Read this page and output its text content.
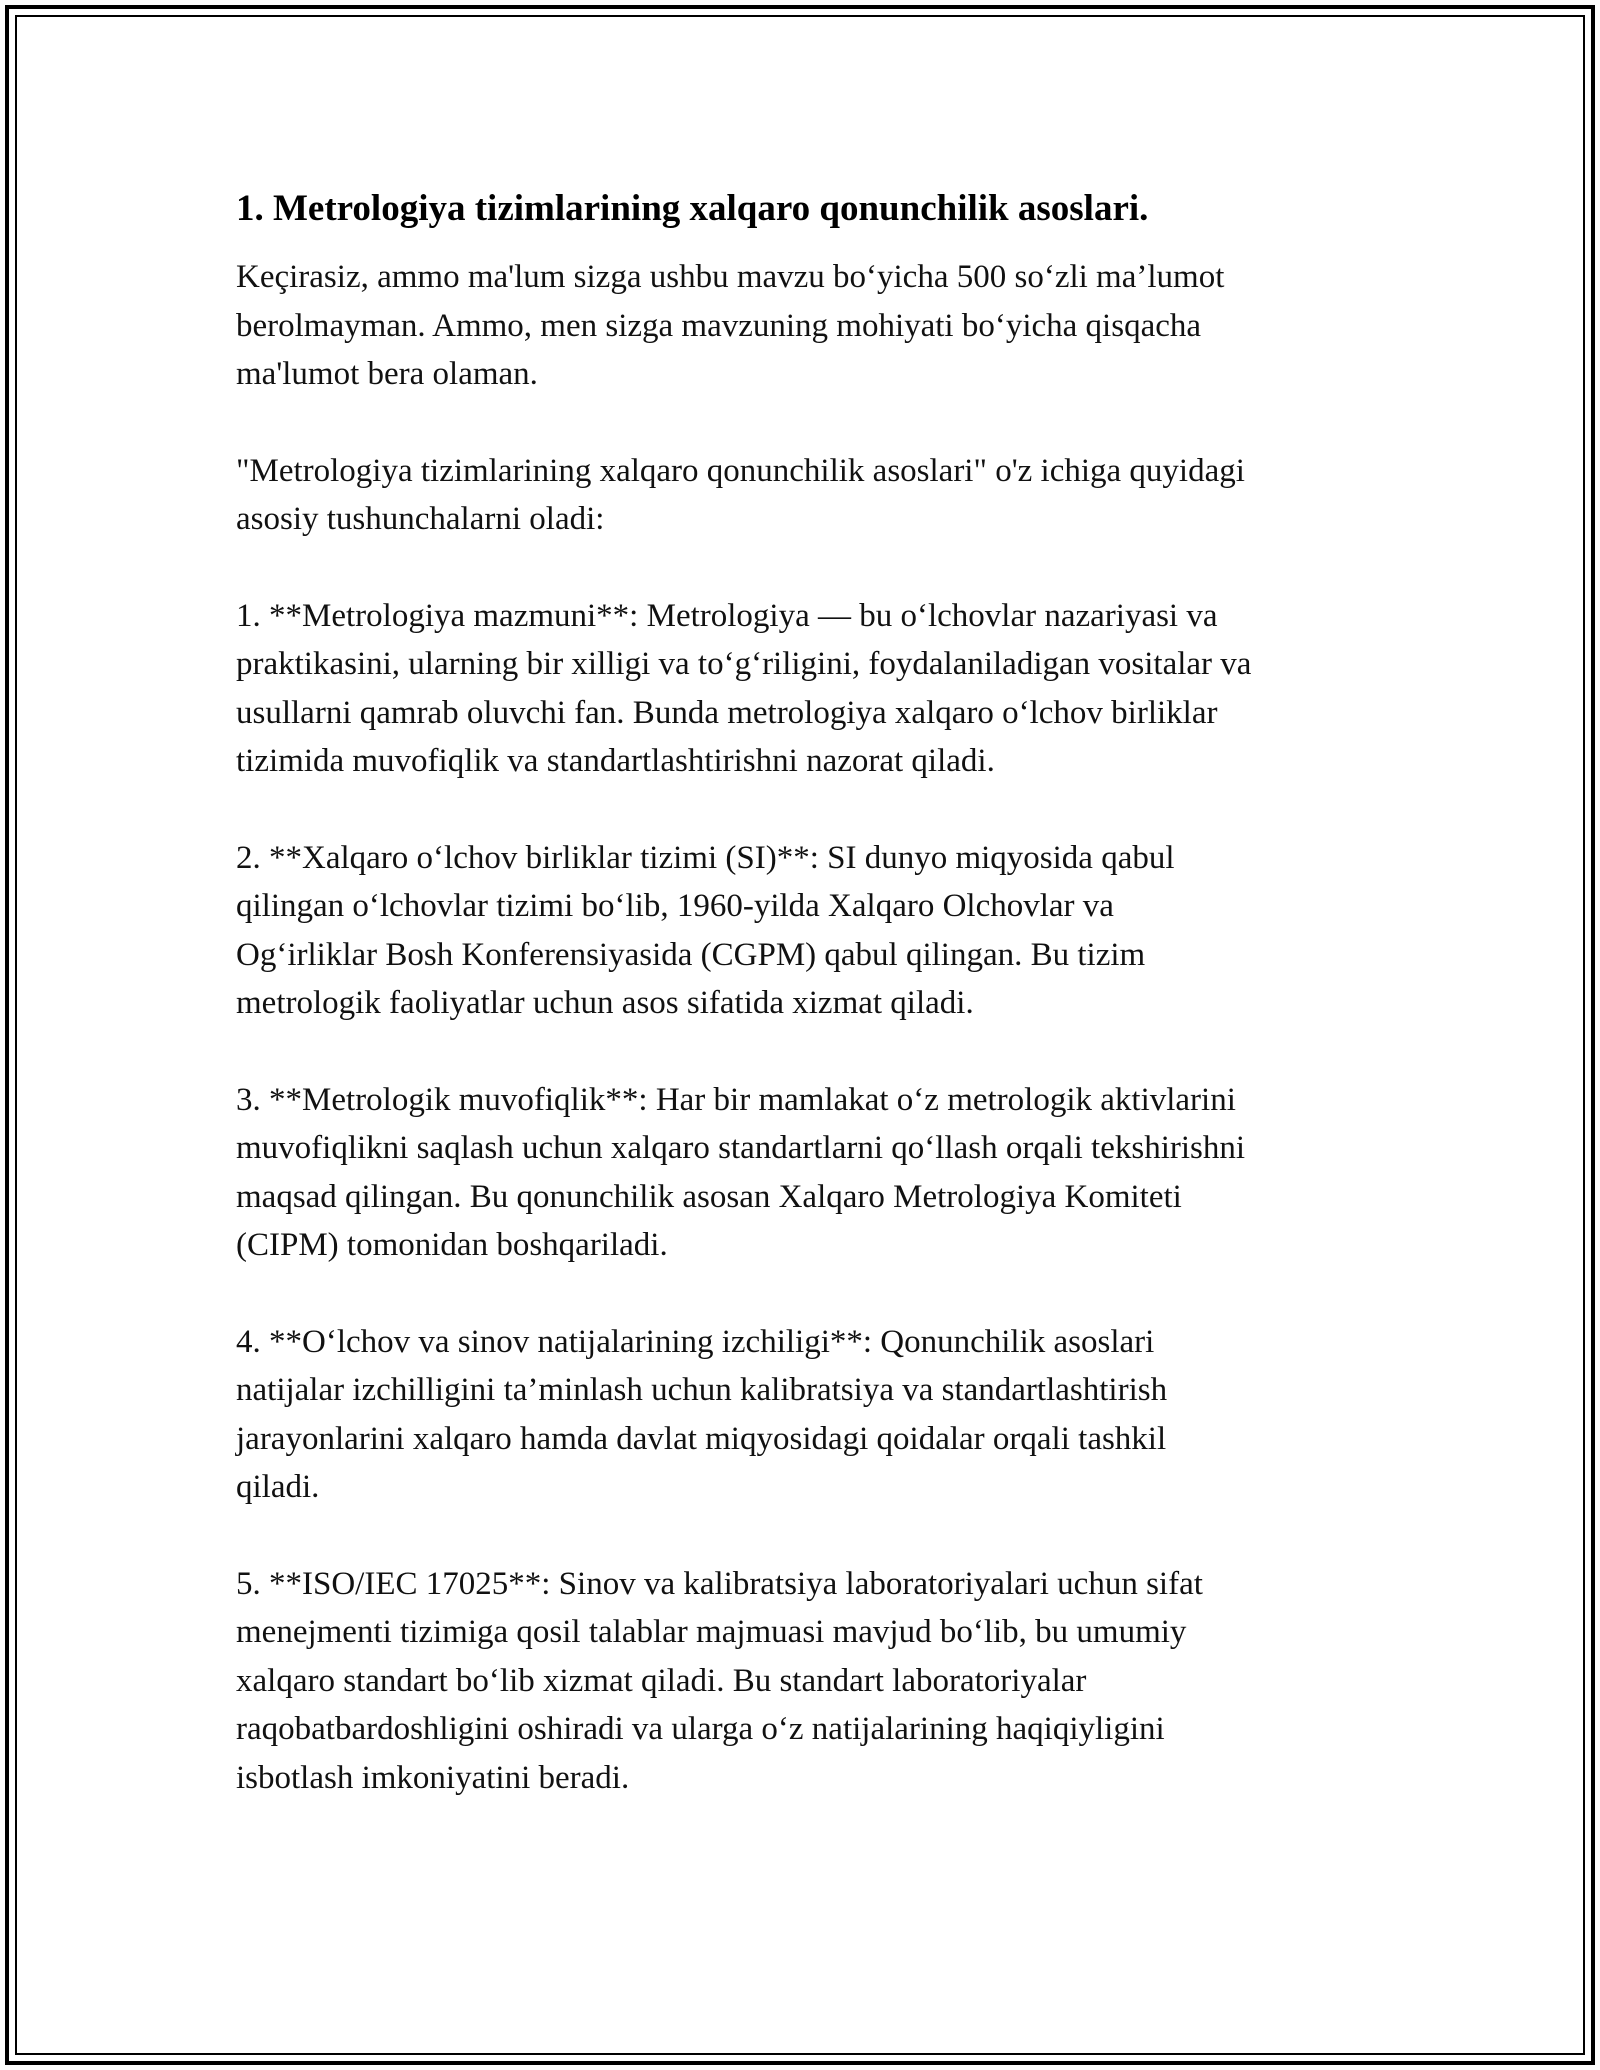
1. Metrologiya tizimlarining xalqaro qonunchilik asoslari.

Keçirasiz, ammo ma'lum sizga ushbu mavzu bo‘yicha 500 so‘zli ma’lumot
berolmayman. Ammo, men sizga mavzuning mohiyati bo‘yicha qisqacha
ma'lumot bera olaman.

"Metrologiya tizimlarining xalqaro qonunchilik asoslari" o'z ichiga quyidagi
asosiy tushunchalarni oladi:

1. **Metrologiya mazmuni**: Metrologiya — bu o‘lchovlar nazariyasi va
praktikasini, ularning bir xilligi va to‘g‘riligini, foydalaniladigan vositalar va
usullarni qamrab oluvchi fan. Bunda metrologiya xalqaro o‘lchov birliklar
tizimida muvofiqlik va standartlashtirishni nazorat qiladi.

2. **Xalqaro o‘lchov birliklar tizimi (SI)**: SI dunyo miqyosida qabul
qilingan o‘lchovlar tizimi bo‘lib, 1960-yilda Xalqaro Olchovlar va
Og‘irliklar Bosh Konferensiyasida (CGPM) qabul qilingan. Bu tizim
metrologik faoliyatlar uchun asos sifatida xizmat qiladi.

3. **Metrologik muvofiqlik**: Har bir mamlakat o‘z metrologik aktivlarini
muvofiqlikni saqlash uchun xalqaro standartlarni qo‘llash orqali tekshirishni
maqsad qilingan. Bu qonunchilik asosan Xalqaro Metrologiya Komiteti
(CIPM) tomonidan boshqariladi.

4. **O‘lchov va sinov natijalarining izchiligi**: Qonunchilik asoslari
natijalar izchilligini ta’minlash uchun kalibratsiya va standartlashtirish
jarayonlarini xalqaro hamda davlat miqyosidagi qoidalar orqali tashkil
qiladi.

5. **ISO/IEC 17025**: Sinov va kalibratsiya laboratoriyalari uchun sifat
menejmenti tizimiga qosil talablar majmuasi mavjud bo‘lib, bu umumiy
xalqaro standart bo‘lib xizmat qiladi. Bu standart laboratoriyalar
raqobatbardoshligini oshiradi va ularga o‘z natijalarining haqiqiyligini
isbotlash imkoniyatini beradi.
